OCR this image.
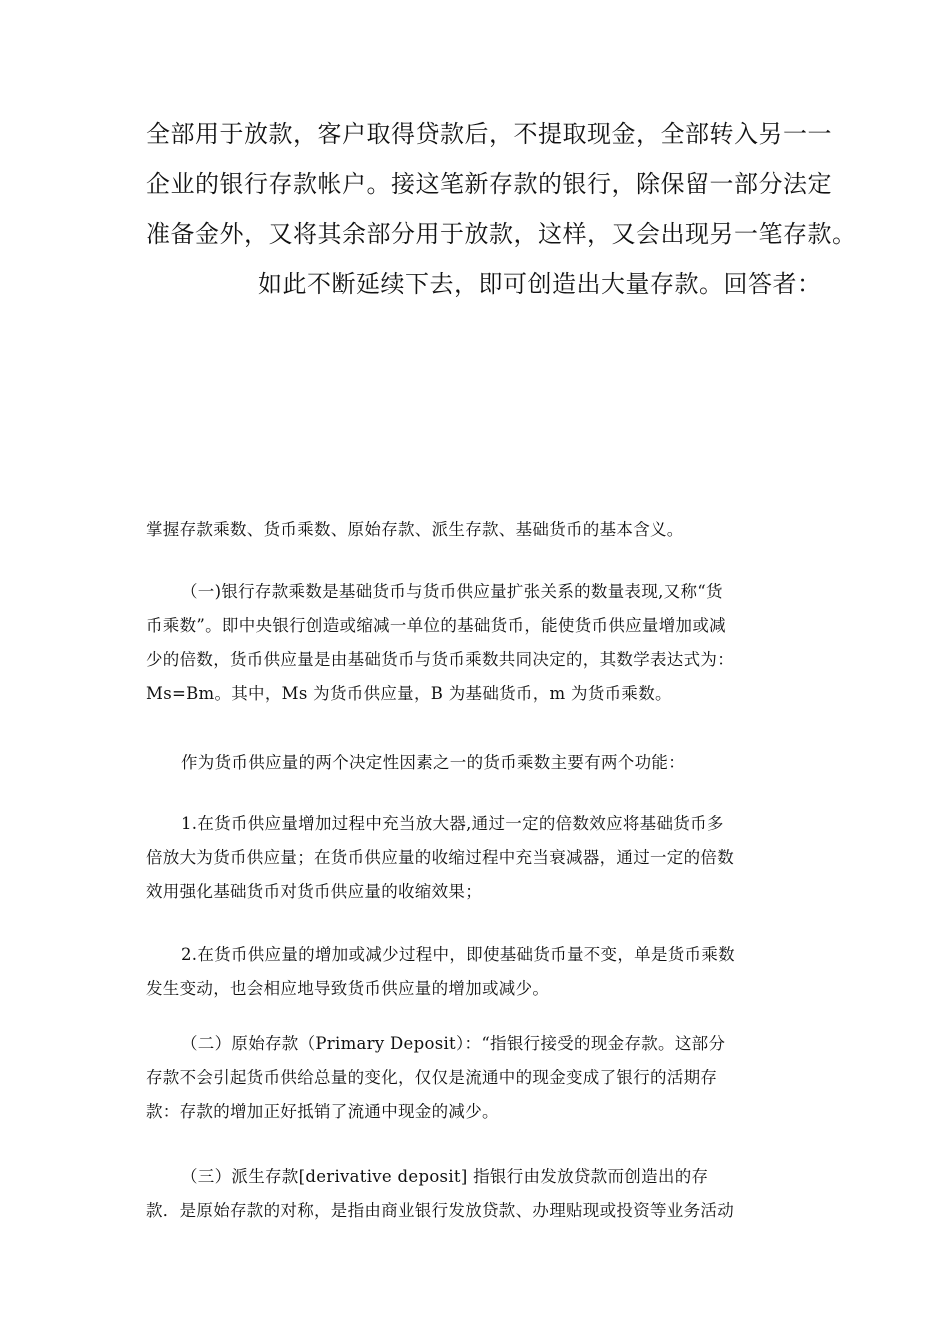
全部用于放款，客户取得贷款后，不提取现金，全部转入另一一
企业的银行存款帐户。接这笔新存款的银行，除保留一部分法定
准备金外，又将其余部分用于放款，这样，又会出现另一笔存款。
如此不断延续下去，即可创造出大量存款。回答者：
掌握存款乘数、货币乘数、原始存款、派生存款、基础货币的基本含义。
（一)银行存款乘数是基础货币与货币供应量扩张关系的数量表现,又称“货
币乘数”。即中央银行创造或缩减一单位的基础货币，能使货币供应量增加或减
少的倍数，货币供应量是由基础货币与货币乘数共同决定的，其数学表达式为：
Ms=Bm。其中，Ms 为货币供应量，B 为基础货币，m 为货币乘数。
作为货币供应量的两个决定性因素之一的货币乘数主要有两个功能：
1.在货币供应量增加过程中充当放大器,通过一定的倍数效应将基础货币多
倍放大为货币供应量；在货币供应量的收缩过程中充当衰减器，通过一定的倍数
效用强化基础货币对货币供应量的收缩效果；
2.在货币供应量的增加或减少过程中，即使基础货币量不变，单是货币乘数
发生变动，也会相应地导致货币供应量的增加或减少。
（二）原始存款（Primary Deposit）：“指银行接受的现金存款。这部分
存款不会引起货币供给总量的变化，仅仅是流通中的现金变成了银行的活期存
款：存款的增加正好抵销了流通中现金的减少。
（三）派生存款[derivative deposit] 指银行由发放贷款而创造出的存
款．是原始存款的对称，是指由商业银行发放贷款、办理贴现或投资等业务活动
